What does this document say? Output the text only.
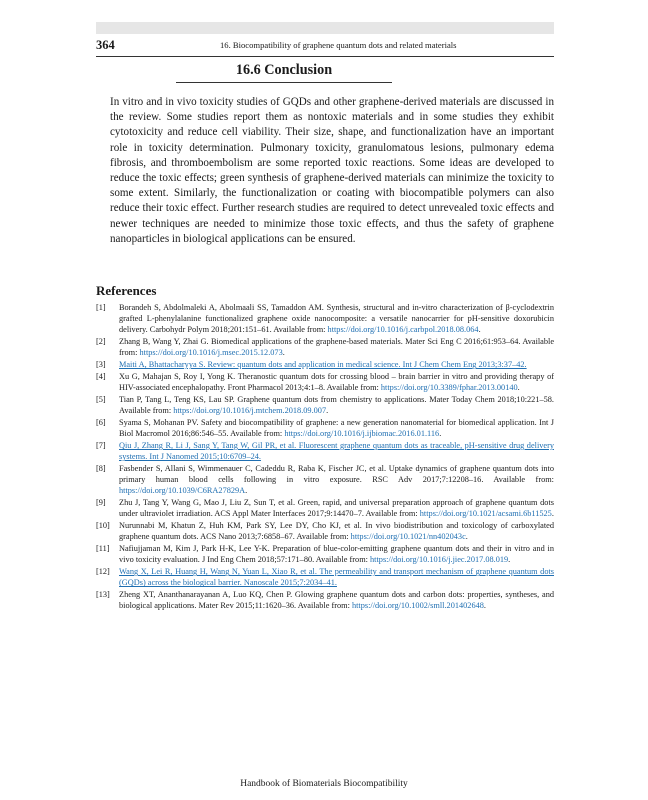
364	16. Biocompatibility of graphene quantum dots and related materials
16.6 Conclusion

In vitro and in vivo toxicity studies of GQDs and other graphene-derived materials are discussed in the review. Some studies report them as nontoxic materials and in some studies they exhibit cytotoxicity and reduce cell viability. Their size, shape, and functionalization have an important role in toxicity determination. Pulmonary toxicity, granulomatous lesions, pulmonary edema fibrosis, and thromboembolism are some reported toxic reactions. Some ideas are developed to reduce the toxic effects; green synthesis of graphene-derived materials can minimize the toxicity to some extent. Similarly, the functionalization or coating with biocompatible polymers can also reduce their toxic effect. Further research studies are required to detect unrevealed toxic effects and newer techniques are needed to minimize those toxic effects, and thus the safety of graphene nanoparticles in biological applications can be ensured.

References
[1]	Borandeh S, Abdolmaleki A, Abolmaali SS, Tamaddon AM. Synthesis, structural and in-vitro characterization of β-cyclodextrin grafted L-phenylalanine functionalized graphene oxide nanocomposite: a versatile nanocarrier for pH-sensitive doxorubicin delivery. Carbohydr Polym 2018;201:151–61. Available from: https://doi.org/10.1016/j.carbpol.2018.08.064.
[2]	Zhang B, Wang Y, Zhai G. Biomedical applications of the graphene-based materials. Mater Sci Eng C 2016;61:953–64. Available from: https://doi.org/10.1016/j.msec.2015.12.073.
[3]	Maiti A, Bhattacharyya S. Review: quantum dots and application in medical science. Int J Chem Chem Eng 2013;3:37–42.
[4]	Xu G, Mahajan S, Roy I, Yong K. Theranostic quantum dots for crossing blood – brain barrier in vitro and providing therapy of HIV-associated encephalopathy. Front Pharmacol 2013;4:1–8. Available from: https://doi.org/10.3389/fphar.2013.00140.
[5]	Tian P, Tang L, Teng KS, Lau SP. Graphene quantum dots from chemistry to applications. Mater Today Chem 2018;10:221–58. Available from: https://doi.org/10.1016/j.mtchem.2018.09.007.
[6]	Syama S, Mohanan PV. Safety and biocompatibility of graphene: a new generation nanomaterial for biomedical application. Int J Biol Macromol 2016;86:546–55. Available from: https://doi.org/10.1016/j.ijbiomac.2016.01.116.
[7]	Qiu J, Zhang R, Li J, Sang Y, Tang W, Gil PR, et al. Fluorescent graphene quantum dots as traceable, pH-sensitive drug delivery systems. Int J Nanomed 2015;10:6709–24.
[8]	Fasbender S, Allani S, Wimmenauer C, Cadeddu R, Raba K, Fischer JC, et al. Uptake dynamics of graphene quantum dots into primary human blood cells following in vitro exposure. RSC Adv 2017;7:12208–16. Available from: https://doi.org/10.1039/C6RA27829A.
[9]	Zhu J, Tang Y, Wang G, Mao J, Liu Z, Sun T, et al. Green, rapid, and universal preparation approach of graphene quantum dots under ultraviolet irradiation. ACS Appl Mater Interfaces 2017;9:14470–7. Available from: https://doi.org/10.1021/acsami.6b11525.
[10]	Nurunnabi M, Khatun Z, Huh KM, Park SY, Lee DY, Cho KJ, et al. In vivo biodistribution and toxicology of carboxylated graphene quantum dots. ACS Nano 2013;7:6858–67. Available from: https://doi.org/10.1021/nn402043c.
[11]	Nafiujjaman M, Kim J, Park H-K, Lee Y-K. Preparation of blue-color-emitting graphene quantum dots and their in vitro and in vivo toxicity evaluation. J Ind Eng Chem 2018;57:171–80. Available from: https://doi.org/10.1016/j.jiec.2017.08.019.
[12]	Wang X, Lei R, Huang H, Wang N, Yuan L, Xiao R, et al. The permeability and transport mechanism of graphene quantum dots (GQDs) across the biological barrier. Nanoscale 2015;7:2034–41.
[13]	Zheng XT, Ananthanarayanan A, Luo KQ, Chen P. Glowing graphene quantum dots and carbon dots: properties, syntheses, and biological applications. Mater Rev 2015;11:1620–36. Available from: https://doi.org/10.1002/smll.201402648.
Handbook of Biomaterials Biocompatibility
